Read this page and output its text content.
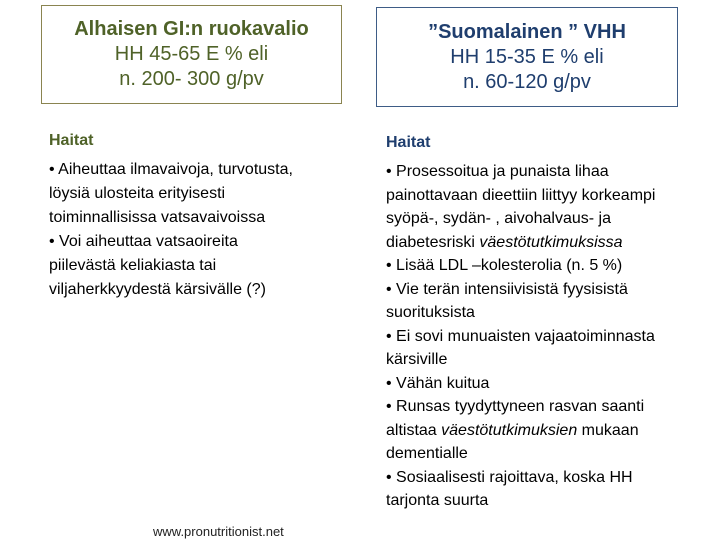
Alhaisen GI:n ruokavalio
HH 45-65 E % eli
n. 200- 300 g/pv
”Suomalainen ” VHH
HH 15-35 E % eli
n. 60-120 g/pv
Haitat
• Aiheuttaa ilmavaivoja, turvotusta,
löysiä ulosteita erityisesti
toiminnallisissa vatsavaivoissa
• Voi aiheuttaa vatsaoireita
piilevästä keliakiasta tai
viljaherkkyydestä kärsivälle (?)
Haitat
• Prosessoitua ja punaista lihaa
painottavaan dieettiin liittyy korkeampi
syöpä-, sydän- , aivohalvaus- ja
diabetesriski väestötutkimuksissa
• Lisää LDL –kolesterolia (n. 5 %)
• Vie terän intensiivisistä fyysisistä
suorituksista
• Ei sovi munuaisten vajaatoiminnasta
kärsiville
• Vähän kuitua
• Runsas tyydyttyneen rasvan saanti
altistaa väestötutkimuksien mukaan
dementialle
• Sosiaalisesti rajoittava, koska HH
tarjonta suurta
www.pronutritionist.net
